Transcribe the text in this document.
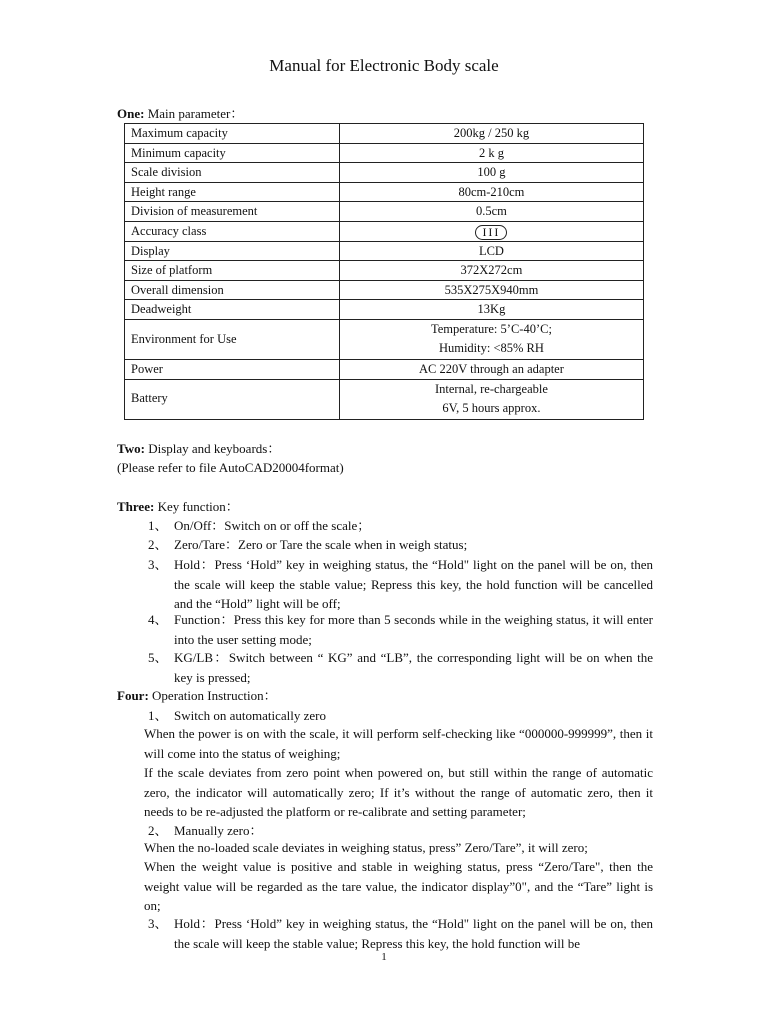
Manual for Electronic Body scale
One: Main parameter：
Maximum capacity	200kg / 250 kg
Minimum capacity	2 k g
Scale division	100 g
Height range	80cm-210cm
Division of measurement	0.5cm
Accuracy class	III
Display	LCD
Size of platform	372X272cm
Overall dimension	535X275X940mm
Deadweight	13Kg
Environment for Use	Temperature: 5’C-40’C;
Humidity: <85% RH

Power	AC 220V through an adapter
Battery	Internal, re-chargeable
6V, 5 hours approx.
Two: Display and keyboards：
(Please refer to file AutoCAD20004format)
Three: Key function：
1、 On/Off：Switch on or off the scale；
2、 Zero/Tare：Zero or Tare the scale when in weigh status;
3、 Hold：Press ‘Hold” key in weighing status, the “Hold" light on the panel will be on, then the scale will keep the stable value; Repress this key, the hold function will be cancelled and the “Hold” light will be off;
4、 Function：Press this key for more than 5 seconds while in the weighing status, it will enter into the user setting mode;
5、 KG/LB：Switch between “ KG” and “LB”, the corresponding light will be on when the key is pressed;
Four: Operation Instruction：
1、 Switch on automatically zero
When the power is on with the scale, it will perform self-checking like “000000-999999”, then it will come into the status of weighing;
If the scale deviates from zero point when powered on, but still within the range of automatic zero, the indicator will automatically zero; If it’s without the range of automatic zero, then it needs to be re-adjusted the platform or re-calibrate and setting parameter;
2、 Manually zero：
When the no-loaded scale deviates in weighing status, press” Zero/Tare”, it will zero;
When the weight value is positive and stable in weighing status, press “Zero/Tare", then the weight value will be regarded as the tare value, the indicator display”0", and the “Tare” light is on;
3、 Hold：Press ‘Hold” key in weighing status, the “Hold" light on the panel will be on, then the scale will keep the stable value; Repress this key, the hold function will be
1
